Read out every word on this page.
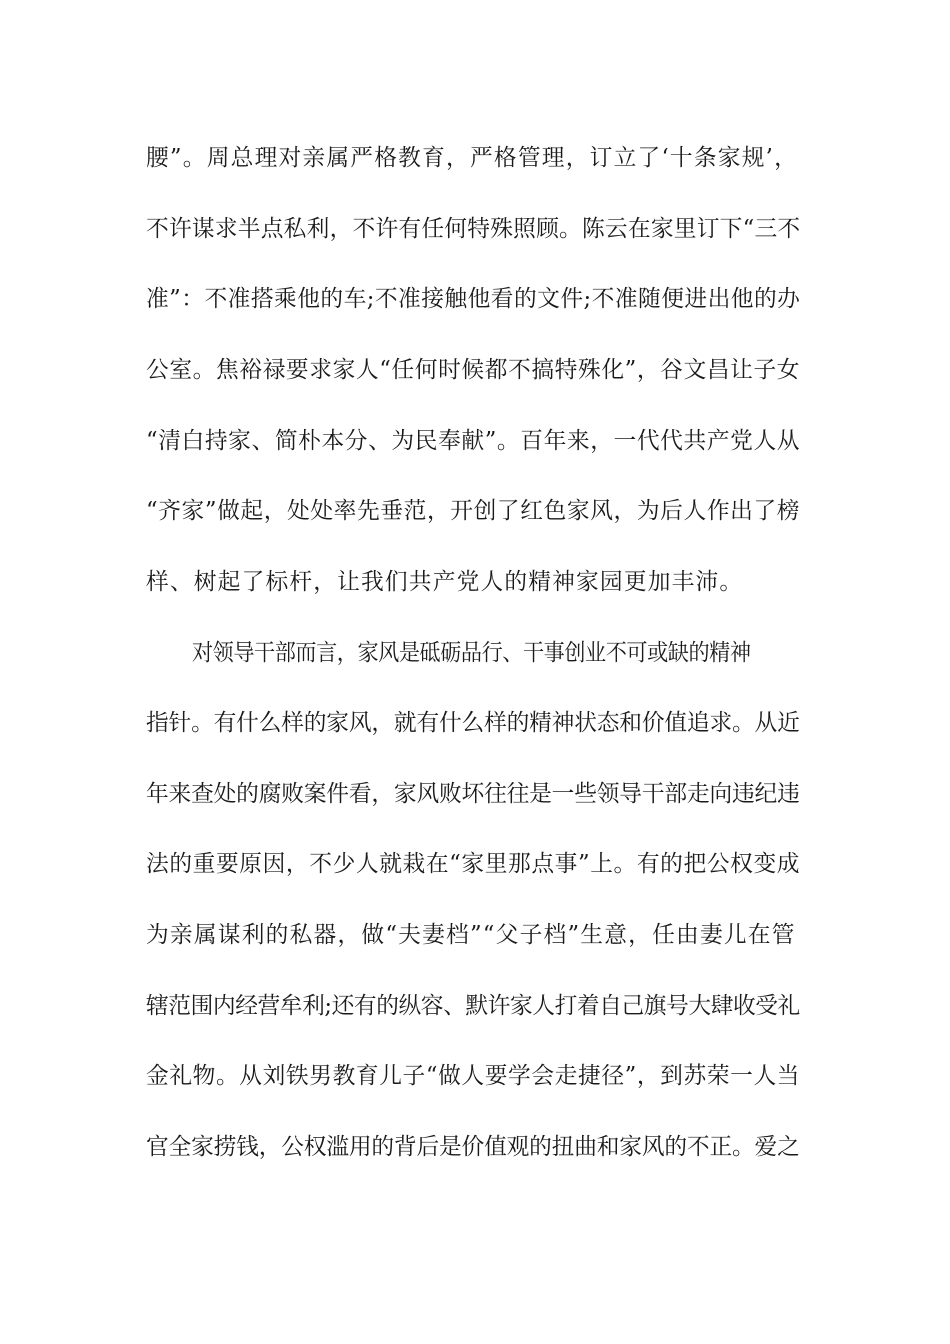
腰”。周总理对亲属严格教育，严格管理，订立了‘十条家规’，
不许谋求半点私利，不许有任何特殊照顾。陈云在家里订下“三不
准”：不准搭乘他的车;不准接触他看的文件;不准随便进出他的办
公室。焦裕禄要求家人“任何时候都不搞特殊化”，谷文昌让子女
“清白持家、简朴本分、为民奉献”。百年来，一代代共产党人从
“齐家”做起，处处率先垂范，开创了红色家风，为后人作出了榜
样、树起了标杆，让我们共产党人的精神家园更加丰沛。
对领导干部而言，家风是砥砺品行、干事创业不可或缺的精神
指针。有什么样的家风，就有什么样的精神状态和价值追求。从近
年来查处的腐败案件看，家风败坏往往是一些领导干部走向违纪违
法的重要原因，不少人就栽在“家里那点事”上。有的把公权变成
为亲属谋利的私器，做“夫妻档”“父子档”生意，任由妻儿在管
辖范围内经营牟利;还有的纵容、默许家人打着自己旗号大肆收受礼
金礼物。从刘铁男教育儿子“做人要学会走捷径”，到苏荣一人当
官全家捞钱，公权滥用的背后是价值观的扭曲和家风的不正。爱之
